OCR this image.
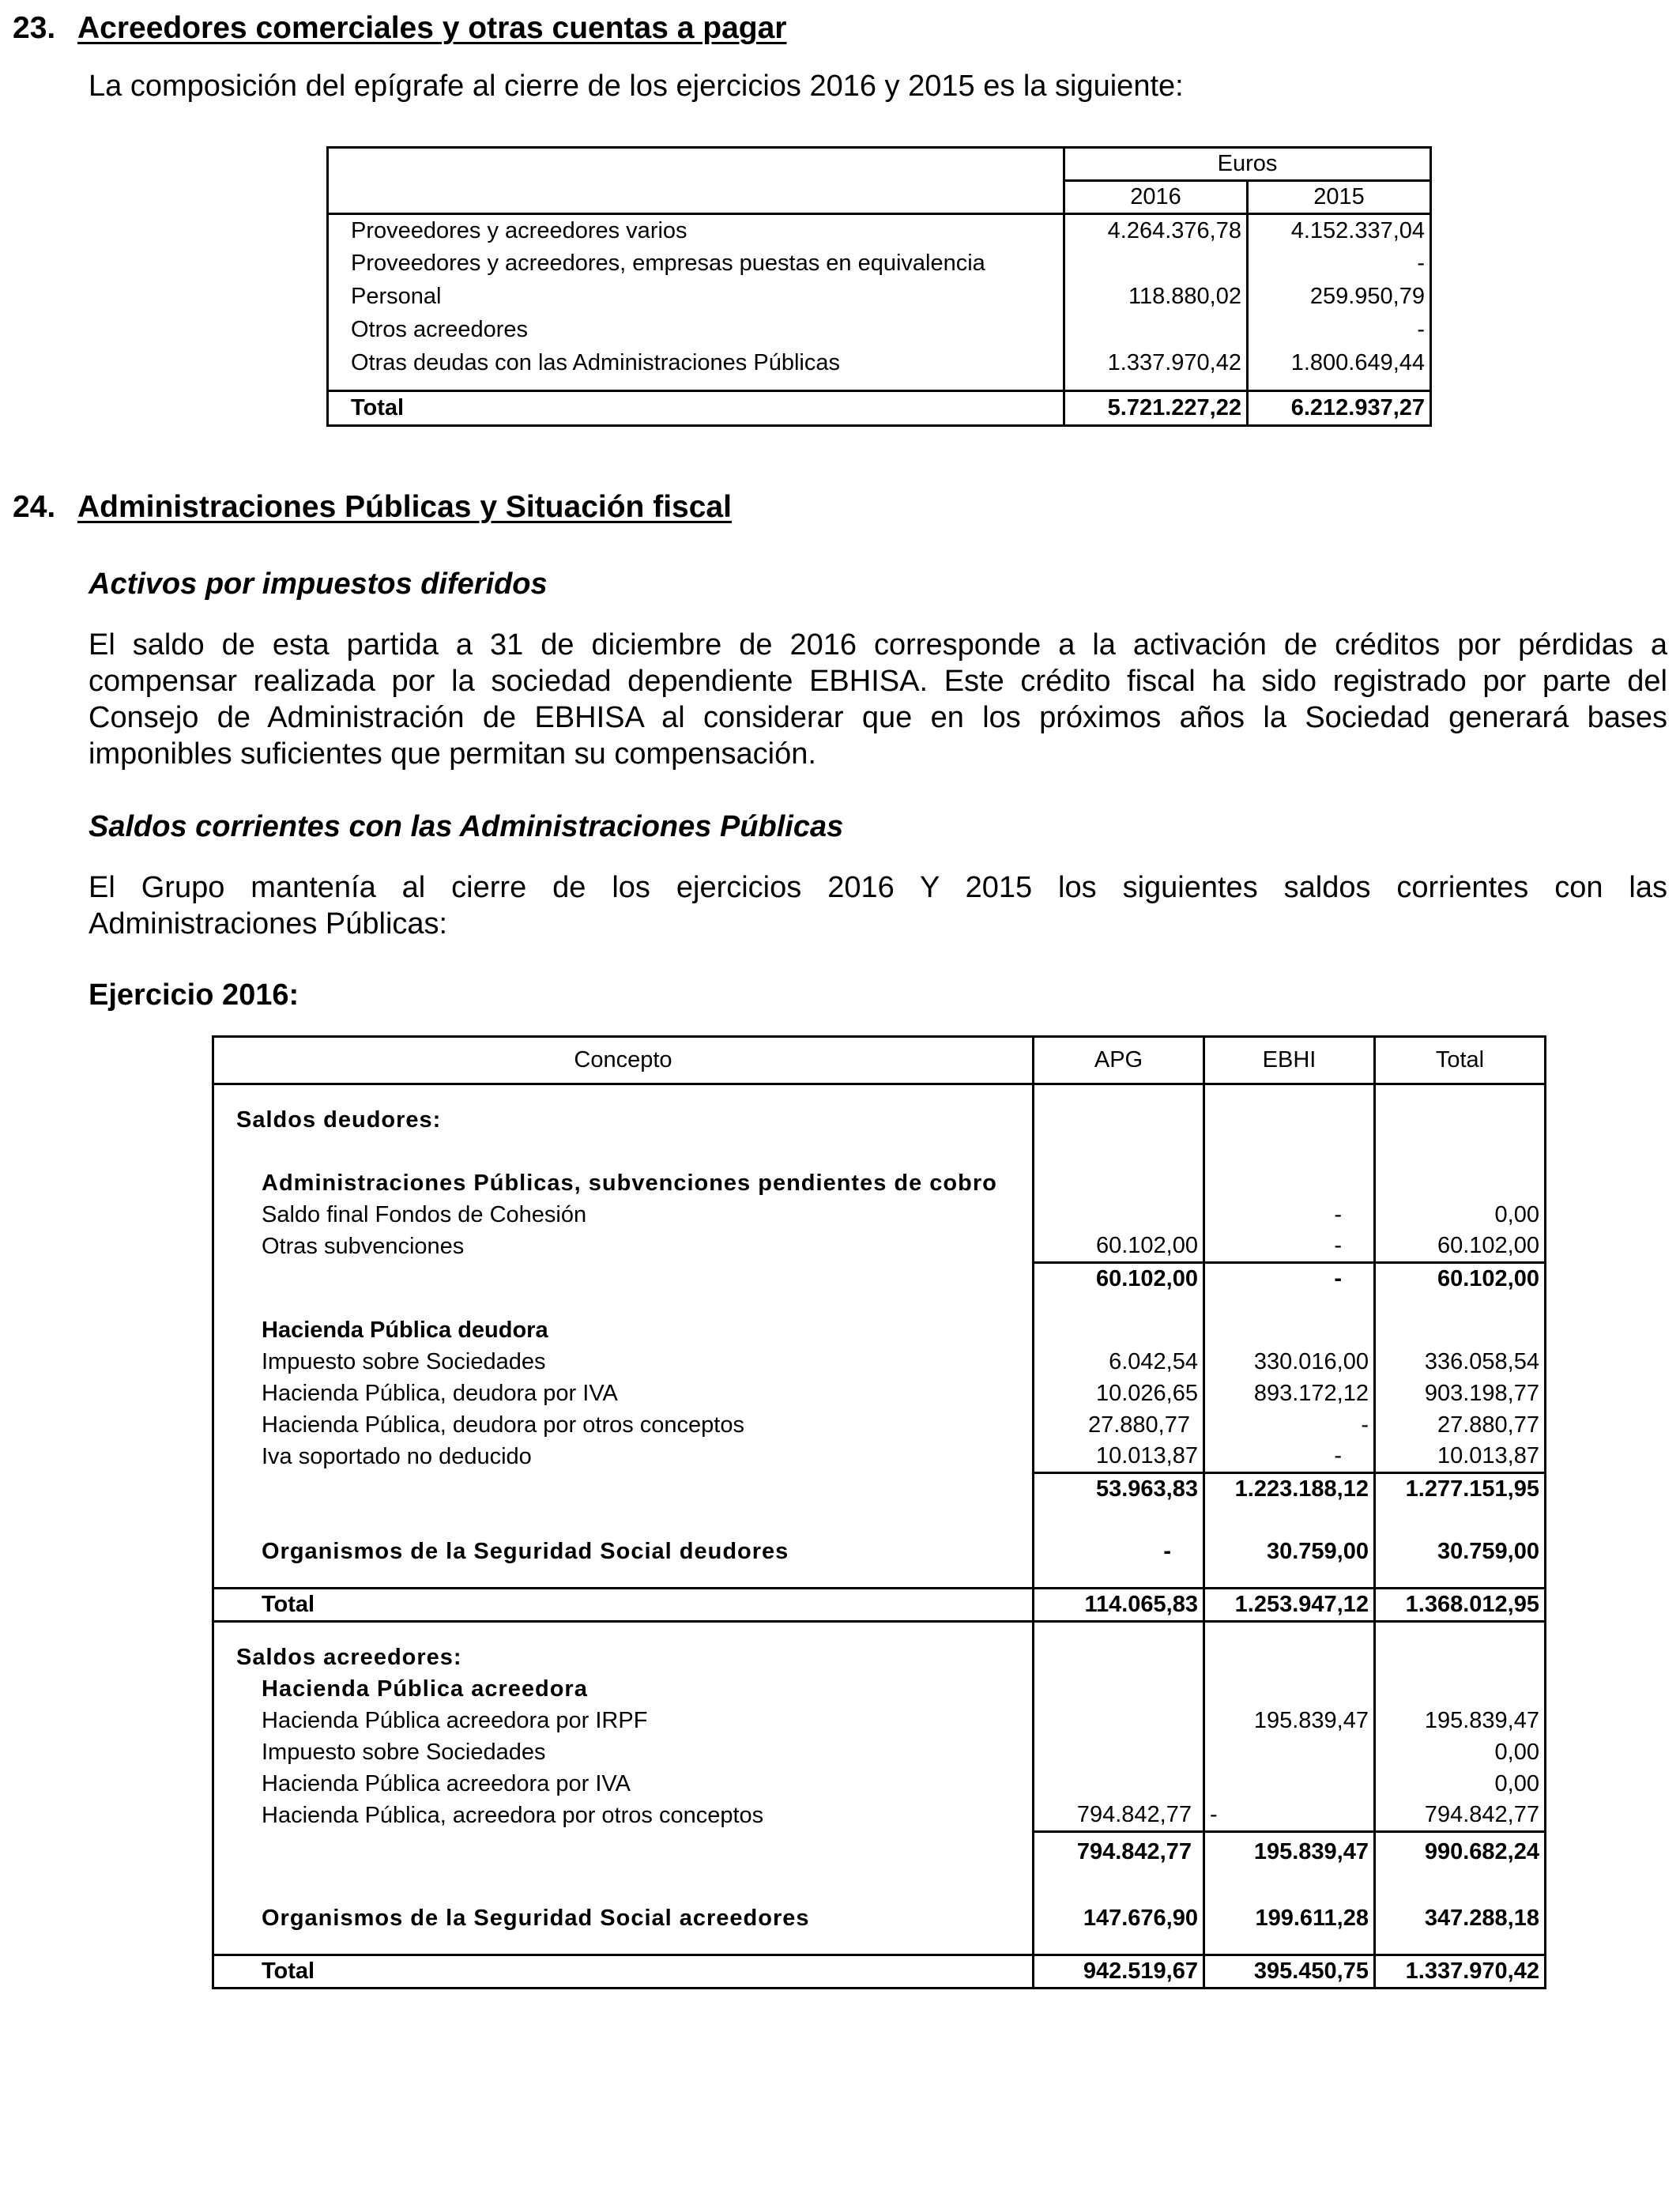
23. Acreedores comerciales y otras cuentas a pagar
La composición del epígrafe al cierre de los ejercicios 2016 y 2015 es la siguiente:
	Euros	
	2016	2015
Proveedores y acreedores varios	4.264.376,78	4.152.337,04
Proveedores y acreedores, empresas puestas en equivalencia		-
Personal	118.880,02	259.950,79
Otros acreedores		-
Otras deudas con las Administraciones Públicas	1.337.970,42	1.800.649,44

Total	5.721.227,22	6.212.937,27
24. Administraciones Públicas y Situación fiscal
Activos por impuestos diferidos
El saldo de esta partida a 31 de diciembre de 2016 corresponde a la activación de créditos por pérdidas a
compensar realizada por la sociedad dependiente EBHISA. Este crédito fiscal ha sido registrado por parte del
Consejo de Administración de EBHISA al considerar que en los próximos años la Sociedad generará bases
imponibles suficientes que permitan su compensación.
Saldos corrientes con las Administraciones Públicas
El Grupo mantenía al cierre de los ejercicios 2016 Y 2015 los siguientes saldos corrientes con las
Administraciones Públicas:
Ejercicio 2016:
Concepto	APG	EBHI	Total

Saldos deudores:			

Administraciones Públicas, subvenciones pendientes de cobro			
Saldo final Fondos de Cohesión		-	0,00
Otras subvenciones	60.102,00	-	60.102,00
	60.102,00	-	60.102,00

Hacienda Pública deudora			
Impuesto sobre Sociedades	6.042,54	330.016,00	336.058,54
Hacienda Pública, deudora por IVA	10.026,65	893.172,12	903.198,77
Hacienda Pública, deudora por otros conceptos	27.880,77	-	27.880,77
Iva soportado no deducido	10.013,87	-	10.013,87
	53.963,83	1.223.188,12	1.277.151,95

Organismos de la Seguridad Social deudores	-	30.759,00	30.759,00

Total	114.065,83	1.253.947,12	1.368.012,95

Saldos acreedores:			
Hacienda Pública acreedora			
Hacienda Pública acreedora por IRPF		195.839,47	195.839,47
Impuesto sobre Sociedades			0,00
Hacienda Pública acreedora por IVA			0,00
Hacienda Pública, acreedora por otros conceptos	794.842,77	-	794.842,77
	794.842,77	195.839,47	990.682,24

Organismos de la Seguridad Social acreedores	147.676,90	199.611,28	347.288,18

Total	942.519,67	395.450,75	1.337.970,42
